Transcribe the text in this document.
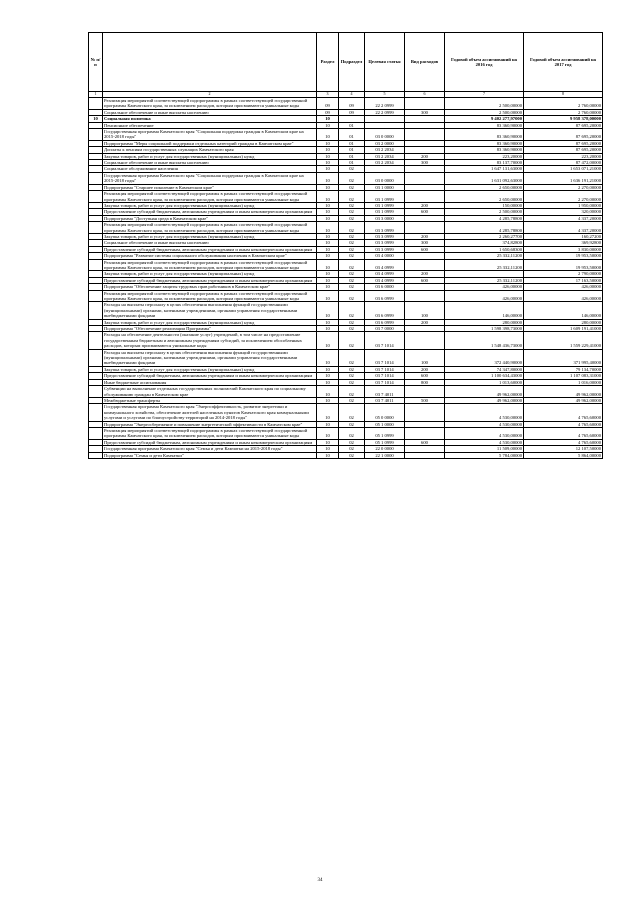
№ п/п		Раздел	Подраздел	Целевая статья	Вид расходов	Годовой объем ассигнований на 2016 год	Годовой объем ассигнований на 2017 год
1	2	3	4	5	6	7	8
	Реализация мероприятий соответствующей подпрограммы в рамках соответствующей государственной программы Камчатского края, за исключением расходов, которым присваиваются уникальные коды	09	09	22 2 0999		2 500,00000	2 760,00000
	Социальное обеспечение и иные выплаты населению	09	09	22 2 0999	300	2 500,00000	2 760,00000
10	Социальная политика	10				9 402 277,97000	9 958 378,00000
	Пенсионное обеспечение	10	01			83 360,90000	87 695,20000
	Государственная программа Камчатского края "Социальная поддержка граждан в Камчатском крае на 2015-2018 годы"	10	01	03 0 0000		83 360,90000	87 695,20000
	Подпрограмма "Меры социальной поддержки отдельных категорий граждан в Камчатском крае"	10	01	03 2 0000		83 360,90000	87 695,20000
	Доплаты к пенсиям государственных служащих Камчатского края	10	01	03 2 2034		83 360,90000	87 695,20000
	Закупка товаров, работ и услуг для государственных (муниципальных) нужд	10	01	03 2 2034	200	223,20000	223,20000
	Социальное обеспечение и иные выплаты населению	10	01	03 2 2034	300	83 137,70000	87 472,00000
	Социальное обслуживание населения	10	02			1 647 131,63000	1 653 071,21000
	Государственная программа Камчатского края "Социальная поддержка граждан в Камчатском крае на 2015-2018 годы"	10	02	03 0 0000		1 631 092,63000	1 636 191,21000
	Подпрограмма "Старшее поколение в Камчатском крае"	10	02	03 1 0000		2 650,00000	2 270,00000
	Реализация мероприятий соответствующей подпрограммы в рамках соответствующей государственной программы Камчатского края, за исключением расходов, которым присваиваются уникальные коды	10	02	03 1 0999		2 650,00000	2 270,00000
	Закупка товаров, работ и услуг для государственных (муниципальных) нужд	10	02	03 1 0999	200	150,00000	1 950,00000
	Предоставление субсидий бюджетным, автономным учреждениям и иным некоммерческим организациям	10	02	03 1 0999	600	2 500,00000	320,00000
	Подпрограмма "Доступная среда в Камчатском крае"	10	02	03 3 0000		4 285,78800	4 337,20000
	Реализация мероприятий соответствующей подпрограммы в рамках соответствующей государственной программы Камчатского края, за исключением расходов, которым присваиваются уникальные коды	10	02	03 3 0999		4 285,78800	4 337,20000
	Закупка товаров, работ и услуг для государственных (муниципальных) нужд	10	02	03 3 0999	200	2 260,27700	160,27200
	Социальное обеспечение и иные выплаты населению	10	02	03 3 0999	300	374,82800	369,92800
	Предоставление субсидий бюджетным, автономным учреждениям и иным некоммерческим организациям	10	02	03 3 0999	600	1 650,68300	3 830,00000
	Подпрограмма "Развитие системы социального обслуживания населения в Камчатском крае"	10	02	03 4 0000		25 332,11200	19 953,50000
	Реализация мероприятий соответствующей подпрограммы в рамках соответствующей государственной программы Камчатского края, за исключением расходов, которым присваиваются уникальные коды	10	02	03 4 0999		25 332,11200	19 953,50000
	Закупка товаров, работ и услуг для государственных (муниципальных) нужд	10	02	03 4 0999	200		2 790,00000
	Предоставление субсидий бюджетным, автономным учреждениям и иным некоммерческим организациям	10	02	03 4 0999	600	25 332,11200	17 163,50000
	Подпрограмма "Обеспечение защиты трудовых прав работников в Камчатском крае"	10	02	03 6 0000		426,00000	426,00000
	Реализация мероприятий соответствующей подпрограммы в рамках соответствующей государственной программы Камчатского края, за исключением расходов, которым присваиваются уникальные коды	10	02	03 6 0999		426,00000	426,00000
	Расходы на выплаты персоналу в целях обеспечения выполнения функций государственными (муниципальными) органами, казенными учреждениями, органами управления государственными внебюджетными фондами	10	02	03 6 0999	100	146,00000	146,00000
	Закупка товаров, работ и услуг для государственных (муниципальных) нужд	10	02	03 6 0999	200	280,00000	280,00000
	Подпрограмма "Обеспечение реализации Программы"	10	02	03 7 0000		1 598 398,73000	1 609 191,41000
	Расходы на обеспечение деятельности (оказание услуг) учреждений, в том числе на предоставление государственным бюджетным и автономным учреждениям субсидий, за исключением обособленных расходов, которым присваиваются уникальные коды	10	02	03 7 1014		1 548 436,73000	1 559 229,41000
	Расходы на выплаты персоналу в целях обеспечения выполнения функций государственными (муниципальными) органами, казенными учреждениями, органами управления государственными внебюджетными фондами	10	02	03 7 1014	100	372 440,90000	371 995,40000
	Закупка товаров, работ и услуг для государственных (муниципальных) нужд	10	02	03 7 1014	200	74 347,80000	79 134,70000
	Предоставление субсидий бюджетным, автономным учреждениям и иным некоммерческим организациям	10	02	03 7 1014	600	1 100 634,43000	1 107 083,31000
	Иные бюджетные ассигнования	10	02	03 7 1014	800	1 013,60000	1 016,00000
	Субвенции на выполнение отдельных государственных полномочий Камчатского края по социальному обслуживанию граждан в Камчатском крае	10	02	03 7 4011		49 962,00000	49 962,00000
	Межбюджетные трансферты	10	02	03 7 4011	500	49 962,00000	49 962,00000
	Государственная программа Камчатского края "Энергоэффективность, развитие энергетики и коммунального хозяйства, обеспечение жителей населенных пунктов Камчатского края коммунальными услугами и услугами по благоустройству территорий на 2014-2018 годы"	10	02	05 0 0000		4 530,00000	4 765,60000
	Подпрограмма "Энергосбережение и повышение энергетической эффективности в Камчатском крае"	10	02	05 1 0000		4 530,00000	4 765,60000
	Реализация мероприятий соответствующей подпрограммы в рамках соответствующей государственной программы Камчатского края, за исключением расходов, которым присваиваются уникальные коды	10	02	05 1 0999		4 530,00000	4 765,60000
	Предоставление субсидий бюджетным, автономным учреждениям и иным некоммерческим организациям	10	02	05 1 0999	600	4 530,00000	4 765,60000
	Государственная программа Камчатского края "Семья и дети Камчатки на 2015-2018 годы"	10	02	22 0 0000		11 509,00000	12 107,50000
	Подпрограмма "Семья и дети Камчатки"	10	02	22 1 0000		5 784,00000	5 864,00000
34
